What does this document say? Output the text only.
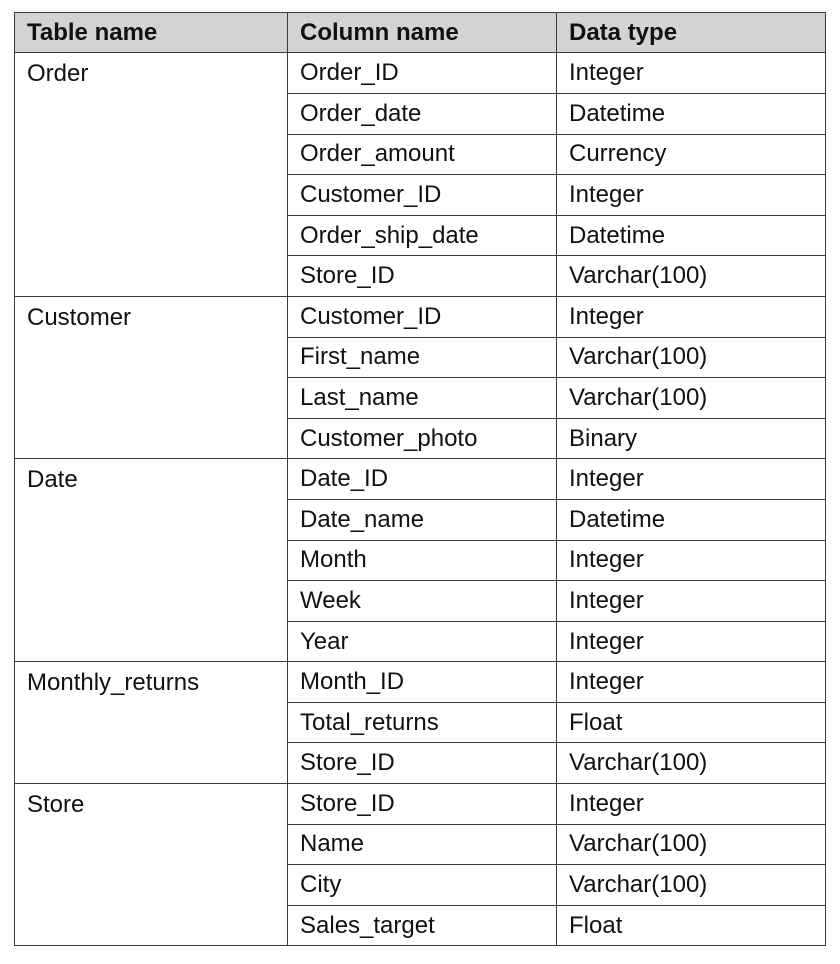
Table name	Column name	Data type
Order	Order_ID	Integer
	Order_date	Datetime
	Order_amount	Currency
	Customer_ID	Integer
	Order_ship_date	Datetime
	Store_ID	Varchar(100)
Customer	Customer_ID	Integer
	First_name	Varchar(100)
	Last_name	Varchar(100)
	Customer_photo	Binary
Date	Date_ID	Integer
	Date_name	Datetime
	Month	Integer
	Week	Integer
	Year	Integer
Monthly_returns	Month_ID	Integer
	Total_returns	Float
	Store_ID	Varchar(100)
Store	Store_ID	Integer
	Name	Varchar(100)
	City	Varchar(100)
	Sales_target	Float
